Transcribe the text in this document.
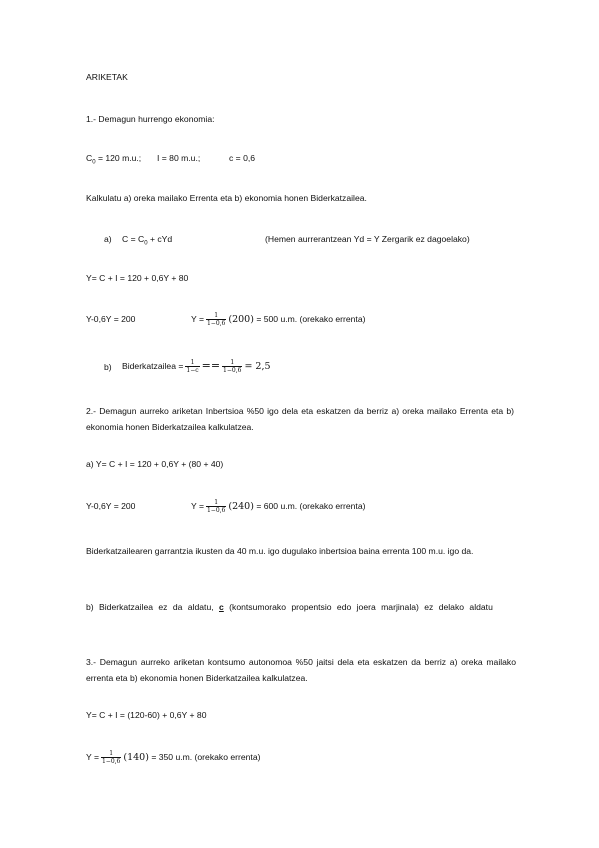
ARIKETAK
1.- Demagun hurrengo ekonomia:
$C_0 = 120$ m.u.; I = 80 m.u.;	c = 0,6
Kalkulatu a) oreka mailako Errenta eta b) ekonomia honen Biderkatzailea.
a) $C = C_0$ + cYd	(Hemen aurrerantzean Yd = Y Zergarik ez dagoelako)
Y= C + I = 120 + 0,6Y + 80
Y-0,6Y = 200	$Y = \frac{1}{1-0,6} (200) = 500$ u.m. (orekako errenta)
b) Biderkatzailea = $\frac{1}{1-c} == \frac{1}{1-0,6} = 2,5$
2.- Demagun aurreko ariketan Inbertsioa %50 igo dela eta eskatzen da berriz a) oreka mailako Errenta eta b) ekonomia honen Biderkatzailea kalkulatzea.
a) Y= C + I = 120 + 0,6Y + (80 + 40)
Y-0,6Y = 200	$Y = \frac{1}{1-0,6} (240) = 600$ u.m. (orekako errenta)
Biderkatzailearen garrantzia ikusten da 40 m.u. igo dugulako inbertsioa baina errenta 100 m.u. igo da.
b) Biderkatzailea ez da aldatu, c (kontsumorako propentsio edo joera marjinala) ez delako aldatu
3.- Demagun aurreko ariketan kontsumo autonomoa %50 jaitsi dela eta eskatzen da berriz a) oreka mailako errenta eta b) ekonomia honen Biderkatzailea kalkulatzea.
Y= C + I = (120-60) + 0,6Y + 80
$Y = \frac{1}{1-0,6} (140) = 350$ u.m. (orekako errenta)
